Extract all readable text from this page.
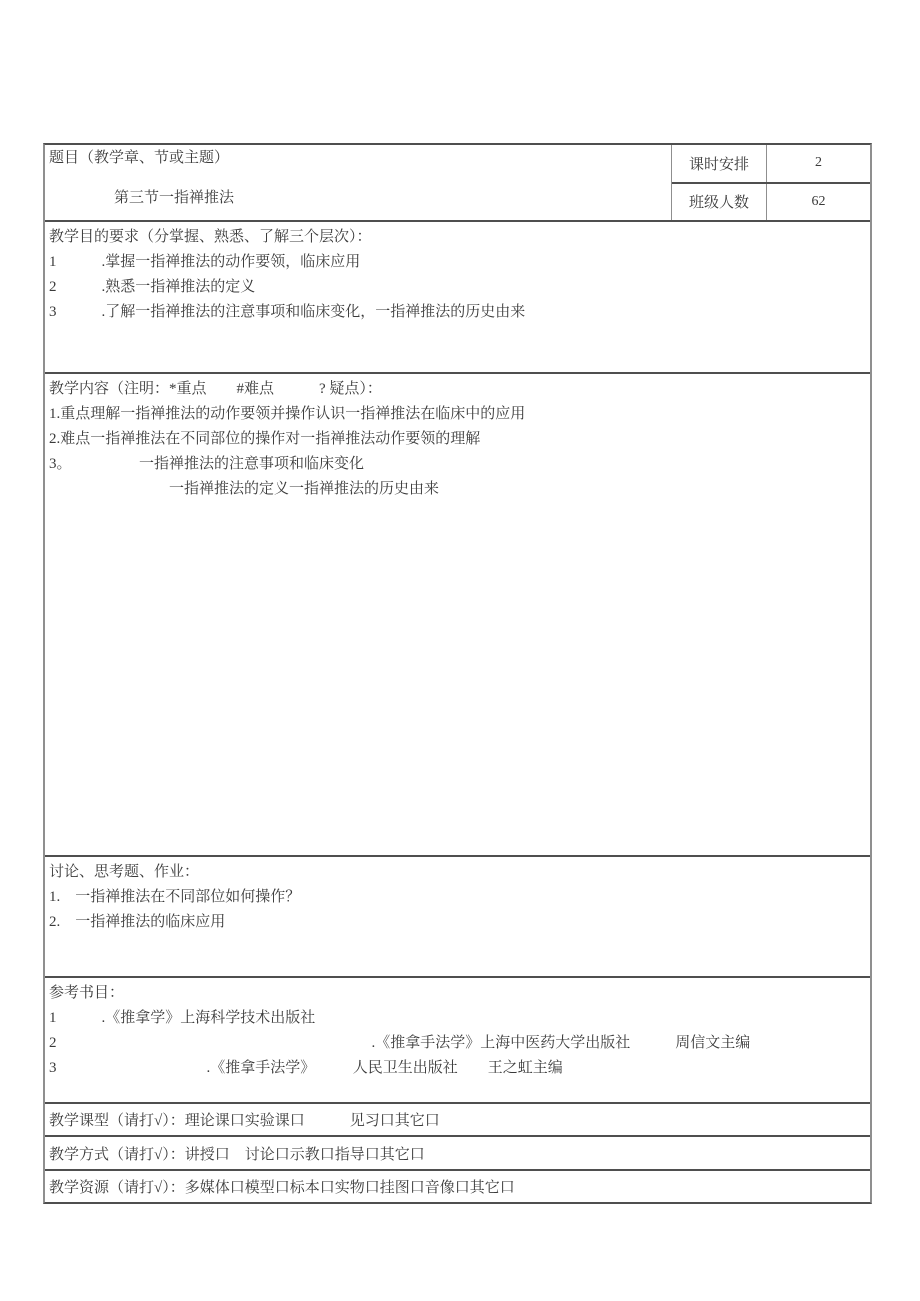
题目（教学章、节或主题）
第三节一指禅推法
课时安排	2
班级人数	62
教学目的要求（分掌握、熟悉、了解三个层次）：
1　　　.掌握一指禅推法的动作要领，临床应用
2　　　.熟悉一指禅推法的定义
3　　　.了解一指禅推法的注意事项和临床变化，一指禅推法的历史由来
教学内容（注明：*重点　　#难点　　　? 疑点）：
1.重点理解一指禅推法的动作要领并操作认识一指禅推法在临床中的应用
2.难点一指禅推法在不同部位的操作对一指禅推法动作要领的理解
3。　　　　　一指禅推法的注意事项和临床变化
　　　　　　　　一指禅推法的定义一指禅推法的历史由来
讨论、思考题、作业：
1.　一指禅推法在不同部位如何操作？
2.　一指禅推法的临床应用
参考书目：
1　　　.《推拿学》上海科学技术出版社
2　　　　　　　　　　　　　　　　　　　　　.《推拿手法学》上海中医药大学出版社　　　周信文主编
3　　　　　　　　　　.《推拿手法学》　　　人民卫生出版社　　王之虹主编
教学课型（请打√）：理论课口实验课口　　　见习口其它口
教学方式（请打√）：讲授口　讨论口示教口指导口其它口
教学资源（请打√）：多媒体口模型口标本口实物口挂图口音像口其它口
